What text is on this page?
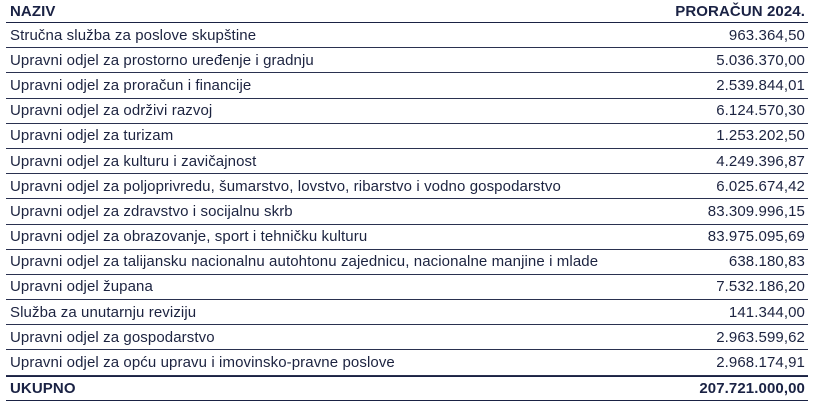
NAZIV	PRORAČUN 2024.
Stručna služba za poslove skupštine	963.364,50
Upravni odjel za prostorno uređenje i gradnju	5.036.370,00
Upravni odjel za proračun i financije	2.539.844,01
Upravni odjel za održivi razvoj	6.124.570,30
Upravni odjel za turizam	1.253.202,50
Upravni odjel za kulturu i zavičajnost	4.249.396,87
Upravni odjel za poljoprivredu, šumarstvo, lovstvo, ribarstvo i vodno gospodarstvo	6.025.674,42
Upravni odjel za zdravstvo i socijalnu skrb	83.309.996,15
Upravni odjel za obrazovanje, sport i tehničku kulturu	83.975.095,69
Upravni odjel za talijansku nacionalnu autohtonu zajednicu, nacionalne manjine i mlade	638.180,83
Upravni odjel župana	7.532.186,20
Služba za unutarnju reviziju	141.344,00
Upravni odjel za gospodarstvo	2.963.599,62
Upravni odjel za opću upravu i imovinsko-pravne poslove	2.968.174,91
UKUPNO	207.721.000,00
